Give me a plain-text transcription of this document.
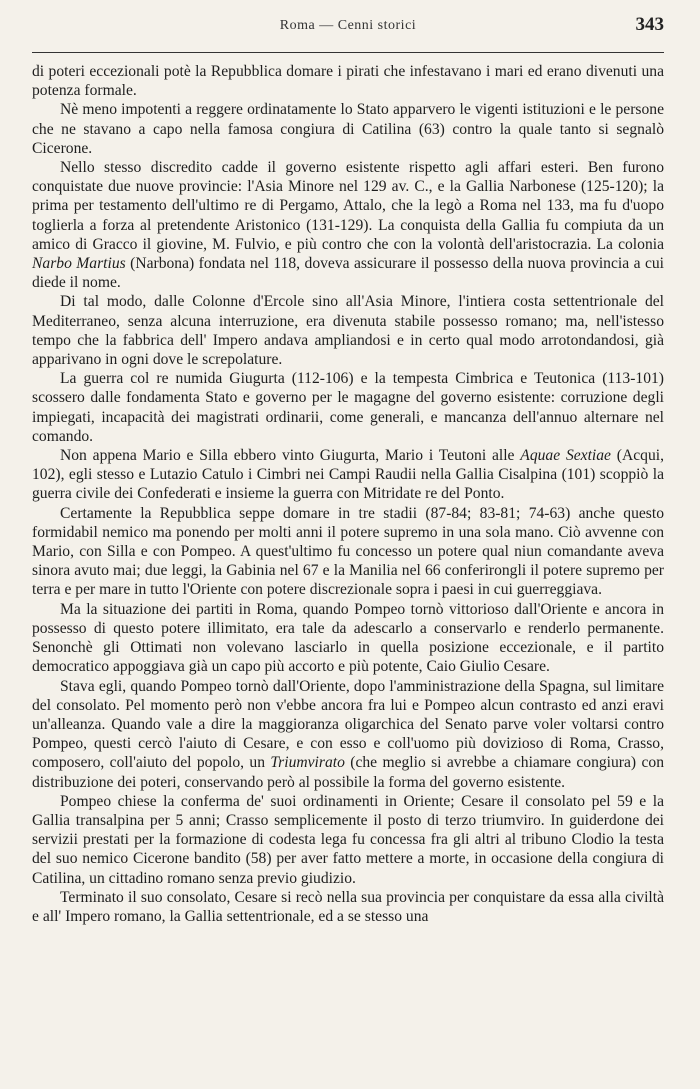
Roma — Cenni storici	343

di poteri eccezionali potè la Repubblica domare i pirati che infestavano i mari ed erano divenuti una potenza formale.

Nè meno impotenti a reggere ordinatamente lo Stato apparvero le vigenti istituzioni e le persone che ne stavano a capo nella famosa congiura di Catilina (63) contro la quale tanto si segnalò Cicerone.

Nello stesso discredito cadde il governo esistente rispetto agli affari esteri. Ben furono conquistate due nuove provincie: l'Asia Minore nel 129 av. C., e la Gallia Narbonese (125-120); la prima per testamento dell'ultimo re di Pergamo, Attalo, che la legò a Roma nel 133, ma fu d'uopo toglierla a forza al pretendente Aristonico (131-129). La conquista della Gallia fu compiuta da un amico di Gracco il giovine, M. Fulvio, e più contro che con la volontà dell'aristocrazia. La colonia Narbo Martius (Narbona) fondata nel 118, doveva assicurare il possesso della nuova provincia a cui diede il nome.

Di tal modo, dalle Colonne d'Ercole sino all'Asia Minore, l'intiera costa settentrionale del Mediterraneo, senza alcuna interruzione, era divenuta stabile possesso romano; ma, nell'istesso tempo che la fabbrica dell' Impero andava ampliandosi e in certo qual modo arrotondandosi, già apparivano in ogni dove le screpolature.

La guerra col re numida Giugurta (112-106) e la tempesta Cimbrica e Teutonica (113-101) scossero dalle fondamenta Stato e governo per le magagne del governo esistente: corruzione degli impiegati, incapacità dei magistrati ordinarii, come generali, e mancanza dell'annuo alternare nel comando.

Non appena Mario e Silla ebbero vinto Giugurta, Mario i Teutoni alle Aquae Sextiae (Acqui, 102), egli stesso e Lutazio Catulo i Cimbri nei Campi Raudii nella Gallia Cisalpina (101) scoppiò la guerra civile dei Confederati e insieme la guerra con Mitridate re del Ponto.

Certamente la Repubblica seppe domare in tre stadii (87-84; 83-81; 74-63) anche questo formidabil nemico ma ponendo per molti anni il potere supremo in una sola mano. Ciò avvenne con Mario, con Silla e con Pompeo. A quest'ultimo fu concesso un potere qual niun comandante aveva sinora avuto mai; due leggi, la Gabinia nel 67 e la Manilia nel 66 conferirongli il potere supremo per terra e per mare in tutto l'Oriente con potere discrezionale sopra i paesi in cui guerreggiava.

Ma la situazione dei partiti in Roma, quando Pompeo tornò vittorioso dall'Oriente e ancora in possesso di questo potere illimitato, era tale da adescarlo a conservarlo e renderlo permanente. Senonchè gli Ottimati non volevano lasciarlo in quella posizione eccezionale, e il partito democratico appoggiava già un capo più accorto e più potente, Caio Giulio Cesare.

Stava egli, quando Pompeo tornò dall'Oriente, dopo l'amministrazione della Spagna, sul limitare del consolato. Pel momento però non v'ebbe ancora fra lui e Pompeo alcun contrasto ed anzi eravi un'alleanza. Quando vale a dire la maggioranza oligarchica del Senato parve voler voltarsi contro Pompeo, questi cercò l'aiuto di Cesare, e con esso e coll'uomo più dovizioso di Roma, Crasso, composero, coll'aiuto del popolo, un Triumvirato (che meglio si avrebbe a chiamare congiura) con distribuzione dei poteri, conservando però al possibile la forma del governo esistente.

Pompeo chiese la conferma de' suoi ordinamenti in Oriente; Cesare il consolato pel 59 e la Gallia transalpina per 5 anni; Crasso semplicemente il posto di terzo triumviro. In guiderdone dei servizii prestati per la formazione di codesta lega fu concessa fra gli altri al tribuno Clodio la testa del suo nemico Cicerone bandito (58) per aver fatto mettere a morte, in occasione della congiura di Catilina, un cittadino romano senza previo giudizio.

Terminato il suo consolato, Cesare si recò nella sua provincia per conquistare da essa alla civiltà e all' Impero romano, la Gallia settentrionale, ed a se stesso una
